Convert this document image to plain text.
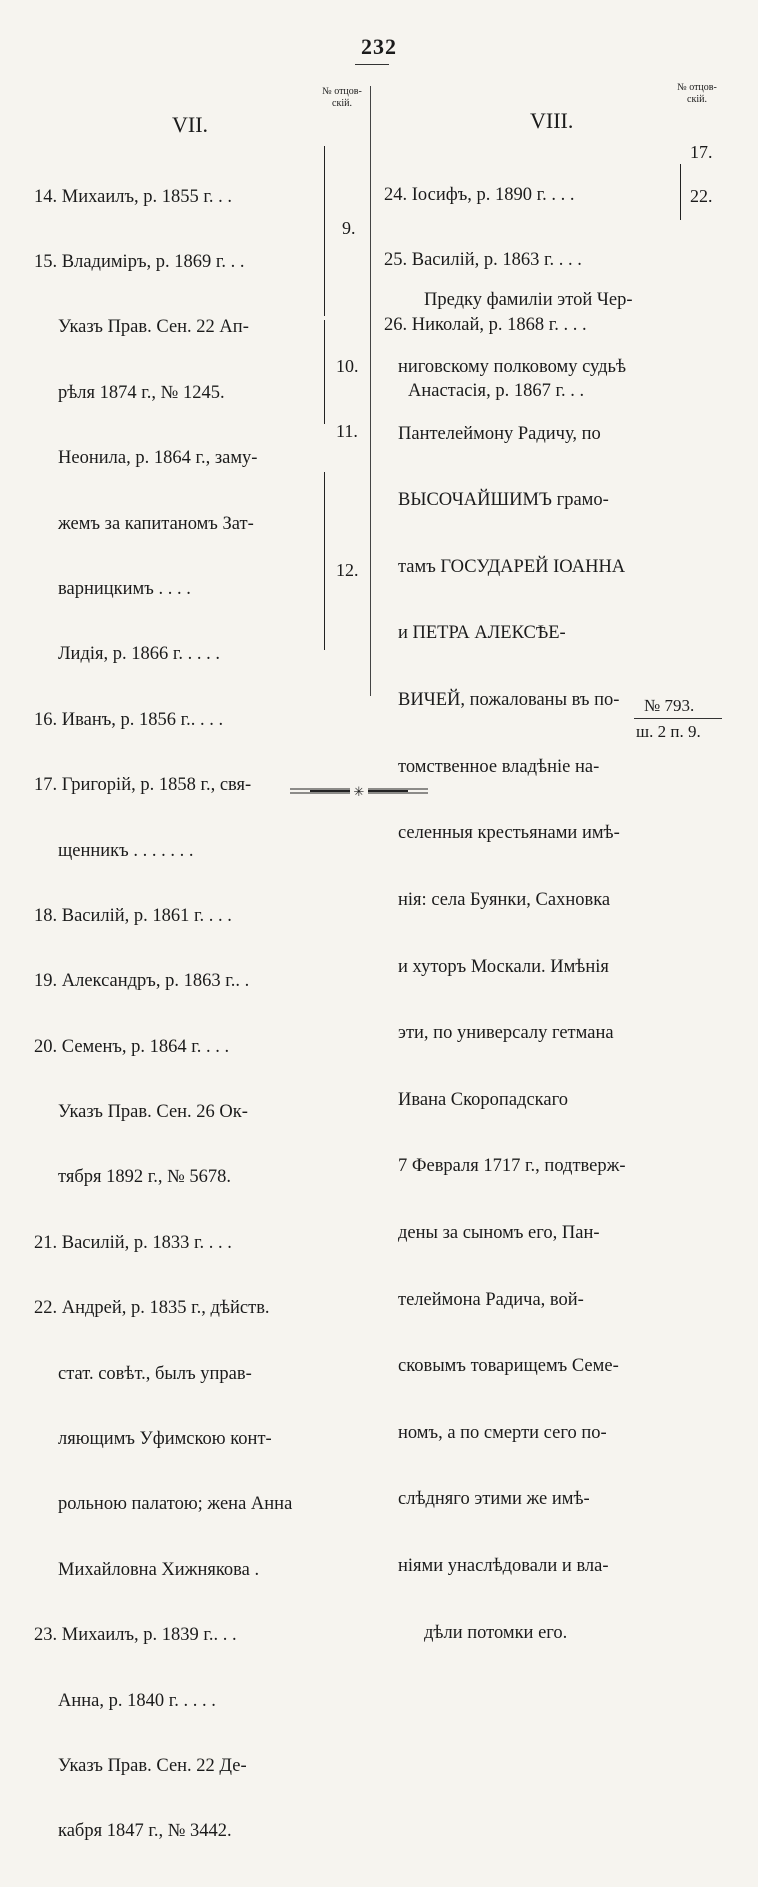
232
VII.
№ отцов-
скій.

14. Михаилъ, р. 1855 г. . .

15. Владиміръ, р. 1869 г. . .

Указъ Прав. Сен. 22 Ап-

рѣля 1874 г., № 1245.

Неонила, р. 1864 г., заму-

жемъ за капитаномъ Зат-

варницкимъ . . . .

Лидія, р. 1866 г. . . . .

16. Иванъ, р. 1856 г.. . . .

17. Григорій, р. 1858 г., свя-

щенникъ . . . . . . .

18. Василій, р. 1861 г. . . .

19. Александръ, р. 1863 г.. .

20. Семенъ, р. 1864 г. . . .

Указъ Прав. Сен. 26 Ок-

тября 1892 г., № 5678.

21. Василій, р. 1833 г. . . .

22. Андрей, р. 1835 г., дѣйств.

стат. совѣт., былъ управ-

ляющимъ Уфимскою конт-

рольною палатою; жена Анна

Михайловна Хижнякова .

23. Михаилъ, р. 1839 г.. . .

Анна, р. 1840 г. . . . .

Указъ Прав. Сен. 22 Де-

кабря 1847 г., № 3442.

9.
10.
11.
12.
VIII.
№ отцов-
скій.

24. Іосифъ, р. 1890 г. . . .

25. Василій, р. 1863 г. . . .

26. Николай, р. 1868 г. . . .

Анастасія, р. 1867 г. . .

17.
22.

Предку фамиліи этой Чер-

ниговскому полковому судьѣ

Пантелеймону Радичу, по

ВЫСОЧАЙШИМЪ грамо-

тамъ ГОСУДАРЕЙ ІОАННА

и ПЕТРА АЛЕКСѢЕ-

ВИЧЕЙ, пожалованы въ по-

томственное владѣніе на-

селенныя крестьянами имѣ-

нія: села Буянки, Сахновка

и хуторъ Москали. Имѣнія

эти, по универсалу гетмана

Ивана Скоропадскаго

7 Февраля 1717 г., подтверж-

дены за сыномъ его, Пан-

телеймона Радича, вой-

сковымъ товарищемъ Семе-

номъ, а по смерти сего по-

слѣдняго этими же имѣ-

ніями унаслѣдовали и вла-

дѣли потомки его.

№ 793.
ш. 2 п. 9.
✳
